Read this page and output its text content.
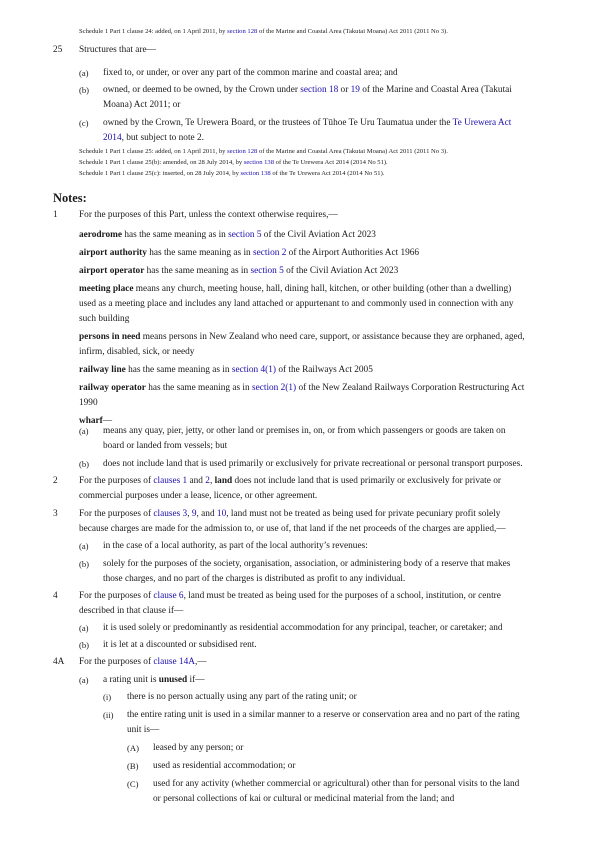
Schedule 1 Part 1 clause 24: added, on 1 April 2011, by section 128 of the Marine and Coastal Area (Takutai Moana) Act 2011 (2011 No 3).
25 Structures that are—
(a) fixed to, or under, or over any part of the common marine and coastal area; and
(b) owned, or deemed to be owned, by the Crown under section 18 or 19 of the Marine and Coastal Area (Takutai
Moana) Act 2011; or
(c) owned by the Crown, Te Urewera Board, or the trustees of Tūhoe Te Uru Taumatua under the Te Urewera Act
2014, but subject to note 2.
Schedule 1 Part 1 clause 25: added, on 1 April 2011, by section 128 of the Marine and Coastal Area (Takutai Moana) Act 2011 (2011 No 3).
Schedule 1 Part 1 clause 25(b): amended, on 28 July 2014, by section 138 of the Te Urewera Act 2014 (2014 No 51).
Schedule 1 Part 1 clause 25(c): inserted, on 28 July 2014, by section 138 of the Te Urewera Act 2014 (2014 No 51).
Notes:
1 For the purposes of this Part, unless the context otherwise requires,—
aerodrome has the same meaning as in section 5 of the Civil Aviation Act 2023
airport authority has the same meaning as in section 2 of the Airport Authorities Act 1966
airport operator has the same meaning as in section 5 of the Civil Aviation Act 2023
meeting place means any church, meeting house, hall, dining hall, kitchen, or other building (other than a dwelling)
used as a meeting place and includes any land attached or appurtenant to and commonly used in connection with any
such building
persons in need means persons in New Zealand who need care, support, or assistance because they are orphaned, aged,
infirm, disabled, sick, or needy
railway line has the same meaning as in section 4(1) of the Railways Act 2005
railway operator has the same meaning as in section 2(1) of the New Zealand Railways Corporation Restructuring Act
1990
wharf—
(a) means any quay, pier, jetty, or other land or premises in, on, or from which passengers or goods are taken on
board or landed from vessels; but
(b) does not include land that is used primarily or exclusively for private recreational or personal transport purposes.
2 For the purposes of clauses 1 and 2, land does not include land that is used primarily or exclusively for private or
commercial purposes under a lease, licence, or other agreement.
3 For the purposes of clauses 3, 9, and 10, land must not be treated as being used for private pecuniary profit solely
because charges are made for the admission to, or use of, that land if the net proceeds of the charges are applied,—
(a) in the case of a local authority, as part of the local authority’s revenues:
(b) solely for the purposes of the society, organisation, association, or administering body of a reserve that makes
those charges, and no part of the charges is distributed as profit to any individual.
4 For the purposes of clause 6, land must be treated as being used for the purposes of a school, institution, or centre
described in that clause if—
(a) it is used solely or predominantly as residential accommodation for any principal, teacher, or caretaker; and
(b) it is let at a discounted or subsidised rent.
4A For the purposes of clause 14A,—
(a) a rating unit is unused if—
(i) there is no person actually using any part of the rating unit; or
(ii) the entire rating unit is used in a similar manner to a reserve or conservation area and no part of the rating
unit is—
(A) leased by any person; or
(B) used as residential accommodation; or
(C) used for any activity (whether commercial or agricultural) other than for personal visits to the land
or personal collections of kai or cultural or medicinal material from the land; and
